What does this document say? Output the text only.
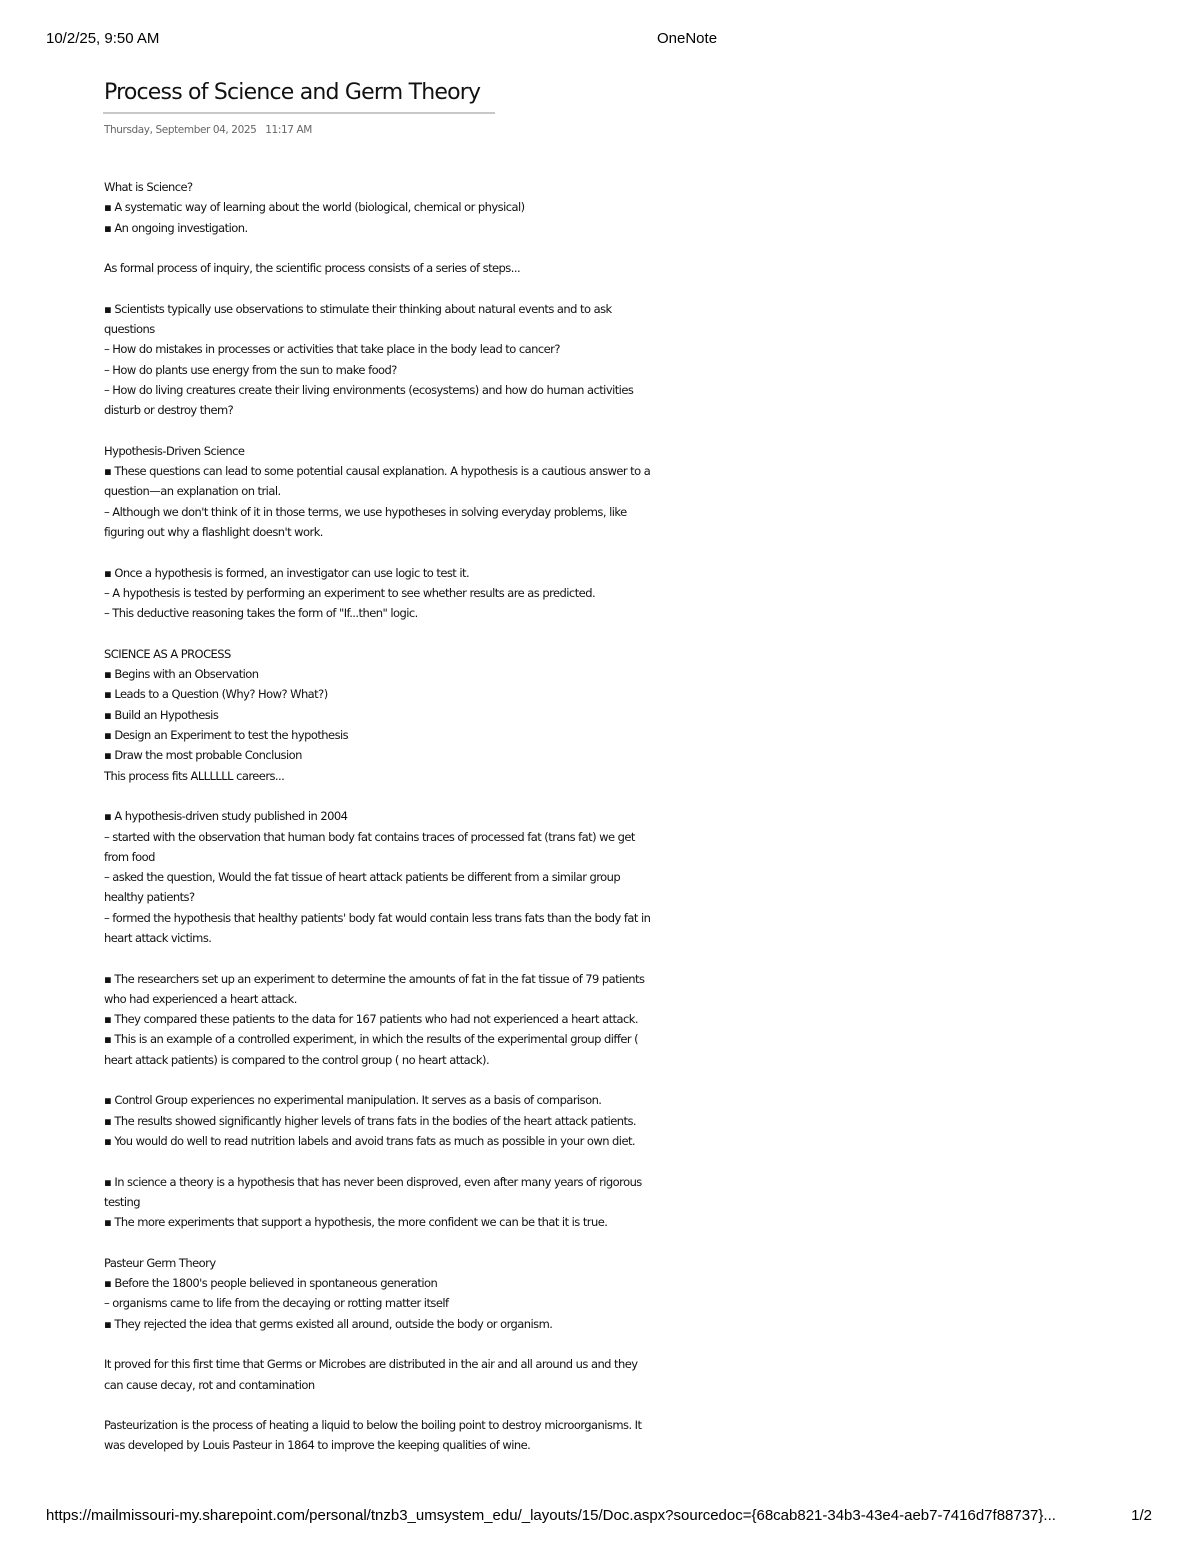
10/2/25, 9:50 AM	OneNote
Process of Science and Germ Theory
Thursday, September 04, 2025 11:17 AM
What is Science?
▪ A systematic way of learning about the world (biological, chemical or physical)
▪ An ongoing investigation.
As formal process of inquiry, the scientific process consists of a series of steps...
▪ Scientists typically use observations to stimulate their thinking about natural events and to ask
questions
– How do mistakes in processes or activities that take place in the body lead to cancer?
– How do plants use energy from the sun to make food?
– How do living creatures create their living environments (ecosystems) and how do human activities
disturb or destroy them?
Hypothesis-Driven Science
▪ These questions can lead to some potential causal explanation. A hypothesis is a cautious answer to a
question—an explanation on trial.
– Although we don't think of it in those terms, we use hypotheses in solving everyday problems, like
figuring out why a flashlight doesn't work.
▪ Once a hypothesis is formed, an investigator can use logic to test it.
– A hypothesis is tested by performing an experiment to see whether results are as predicted.
– This deductive reasoning takes the form of "If...then" logic.
SCIENCE AS A PROCESS
▪ Begins with an Observation
▪ Leads to a Question (Why? How? What?)
▪ Build an Hypothesis
▪ Design an Experiment to test the hypothesis
▪ Draw the most probable Conclusion
This process fits ALLLLLL careers...
▪ A hypothesis-driven study published in 2004
– started with the observation that human body fat contains traces of processed fat (trans fat) we get
from food
– asked the question, Would the fat tissue of heart attack patients be different from a similar group
healthy patients?
– formed the hypothesis that healthy patients' body fat would contain less trans fats than the body fat in
heart attack victims.
▪ The researchers set up an experiment to determine the amounts of fat in the fat tissue of 79 patients
who had experienced a heart attack.
▪ They compared these patients to the data for 167 patients who had not experienced a heart attack.
▪ This is an example of a controlled experiment, in which the results of the experimental group differ (
heart attack patients) is compared to the control group ( no heart attack).
▪ Control Group experiences no experimental manipulation. It serves as a basis of comparison.
▪ The results showed significantly higher levels of trans fats in the bodies of the heart attack patients.
▪ You would do well to read nutrition labels and avoid trans fats as much as possible in your own diet.
▪ In science a theory is a hypothesis that has never been disproved, even after many years of rigorous
testing
▪ The more experiments that support a hypothesis, the more confident we can be that it is true.
Pasteur Germ Theory
▪ Before the 1800's people believed in spontaneous generation
– organisms came to life from the decaying or rotting matter itself
▪ They rejected the idea that germs existed all around, outside the body or organism.
It proved for this first time that Germs or Microbes are distributed in the air and all around us and they
can cause decay, rot and contamination
Pasteurization is the process of heating a liquid to below the boiling point to destroy microorganisms. It
was developed by Louis Pasteur in 1864 to improve the keeping qualities of wine.
https://mailmissouri-my.sharepoint.com/personal/tnzb3_umsystem_edu/_layouts/15/Doc.aspx?sourcedoc={68cab821-34b3-43e4-aeb7-7416d7f88737}...	1/2
